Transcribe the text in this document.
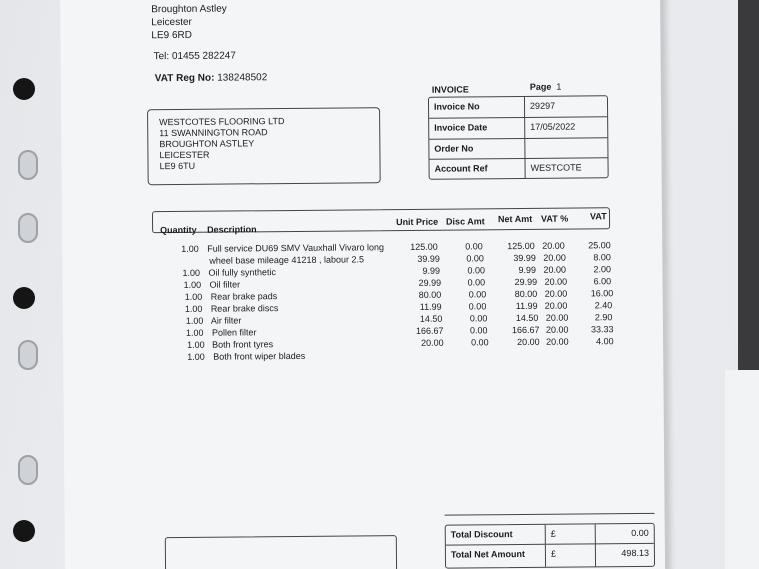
Broughton Astley
Leicester
LE9 6RD
Tel: 01455 282247
VAT Reg No: 138248502
WESTCOTES FLOORING LTD
11 SWANNINGTON ROAD
BROUGHTON ASTLEY
LEICESTER
LE9 6TU
INVOICE	Page 1
Invoice No	29297
Invoice Date	17/05/2022
Order No
Account Ref	WESTCOTE
Quantity Description
Unit Price Disc Amt Net Amt VAT % VAT
1.00 Full service DU69 SMV Vauxhall Vivaro long	125.00	0.00	125.00 20.00	25.00
wheel base mileage 41218 , labour 2.5	39.99	0.00	39.99 20.00	8.00
1.00 Oil fully synthetic	9.99	0.00	9.99 20.00	2.00
1.00 Oil filter	29.99	0.00	29.99 20.00	6.00
1.00 Rear brake pads	80.00	0.00	80.00 20.00	16.00
1.00 Rear brake discs	11.99	0.00	11.99 20.00	2.40
1.00 Air filter	14.50	0.00	14.50 20.00	2.90
1.00 Pollen filter	166.67	0.00	166.67 20.00 33.33
1.00 Both front tyres	20.00	0.00	20.00 20.00	4.00
1.00 Both front wiper blades
Total Discount	£	0.00
Total Net Amount	£	498.13
